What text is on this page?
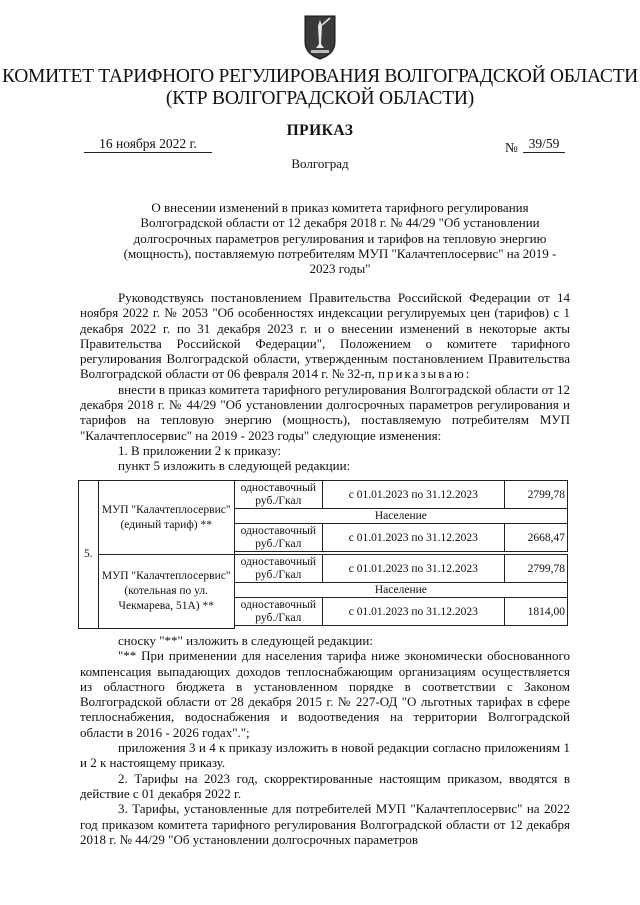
КОМИТЕТ ТАРИФНОГО РЕГУЛИРОВАНИЯ ВОЛГОГРАДСКОЙ ОБЛАСТИ
(КТР ВОЛГОГРАДСКОЙ ОБЛАСТИ)
ПРИКАЗ
16 ноября 2022 г.	№ 39/59
Волгоград
О внесении изменений в приказ комитета тарифного регулирования Волгоградской области от 12 декабря 2018 г. № 44/29 "Об установлении долгосрочных параметров регулирования и тарифов на тепловую энергию (мощность), поставляемую потребителям МУП "Калачтеплосервис" на 2019 - 2023 годы"

Руководствуясь постановлением Правительства Российской Федерации от 14 ноября 2022 г. № 2053 "Об особенностях индексации регулируемых цен (тарифов) с 1 декабря 2022 г. по 31 декабря 2023 г. и о внесении изменений в некоторые акты Правительства Российской Федерации", Положением о комитете тарифного регулирования Волгоградской области, утвержденным постановлением Правительства Волгоградской области от 06 февраля 2014 г. № 32-п, приказываю:

внести в приказ комитета тарифного регулирования Волгоградской области от 12 декабря 2018 г. № 44/29 "Об установлении долгосрочных параметров регулирования и тарифов на тепловую энергию (мощность), поставляемую потребителям МУП "Калачтеплосервис" на 2019 - 2023 годы" следующие изменения:

1. В приложении 2 к приказу:

пункт 5 изложить в следующей редакции:

5.	МУП "Калачтеплосервис" (единый тариф) **	одноставочный руб./Гкал	с 01.01.2023 по 31.12.2023	2799,78
		Население		
		одноставочный руб./Гкал	с 01.01.2023 по 31.12.2023	2668,47

	МУП "Калачтеплосервис" (котельная по ул. Чекмарева, 51А) **	одноставочный руб./Гкал	с 01.01.2023 по 31.12.2023	2799,78
		Население		
		одноставочный руб./Гкал	с 01.01.2023 по 31.12.2023	1814,00

сноску "**" изложить в следующей редакции:

"** При применении для населения тарифа ниже экономически обоснованного компенсация выпадающих доходов теплоснабжающим организациям осуществляется из областного бюджета в установленном порядке в соответствии с Законом Волгоградской области от 28 декабря 2015 г. № 227-ОД "О льготных тарифах в сфере теплоснабжения, водоснабжения и водоотведения на территории Волгоградской области в 2016 - 2026 годах".";

приложения 3 и 4 к приказу изложить в новой редакции согласно приложениям 1 и 2 к настоящему приказу.

2. Тарифы на 2023 год, скорректированные настоящим приказом, вводятся в действие с 01 декабря 2022 г.

3. Тарифы, установленные для потребителей МУП "Калачтеплосервис" на 2022 год приказом комитета тарифного регулирования Волгоградской области от 12 декабря 2018 г. № 44/29 "Об установлении долгосрочных параметров
